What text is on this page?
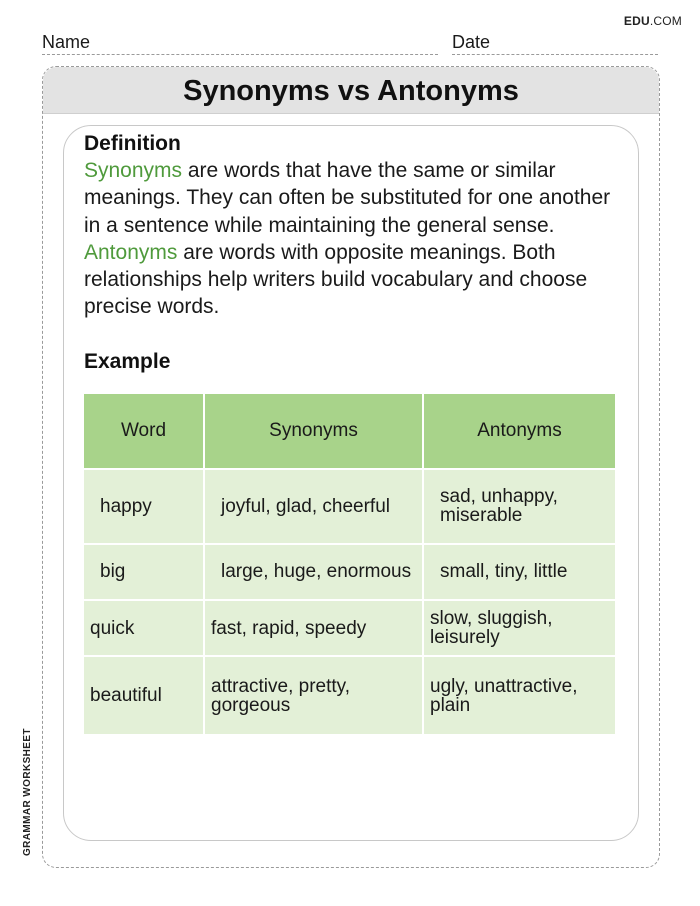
EDU.COM
Name	Date
GRAMMAR WORKSHEET
Synonyms vs Antonyms
Definition
Synonyms are words that have the same or similar meanings. They can often be substituted for one another in a sentence while maintaining the general sense. Antonyms are words with opposite meanings. Both relationships help writers build vocabulary and choose precise words.
Example
Word	Synonyms	Antonyms
happy	joyful, glad, cheerful	sad, unhappy, miserable
big	large, huge, enormous	small, tiny, little
quick	fast, rapid, speedy	slow, sluggish, leisurely
beautiful	attractive, pretty, gorgeous	ugly, unattractive, plain
